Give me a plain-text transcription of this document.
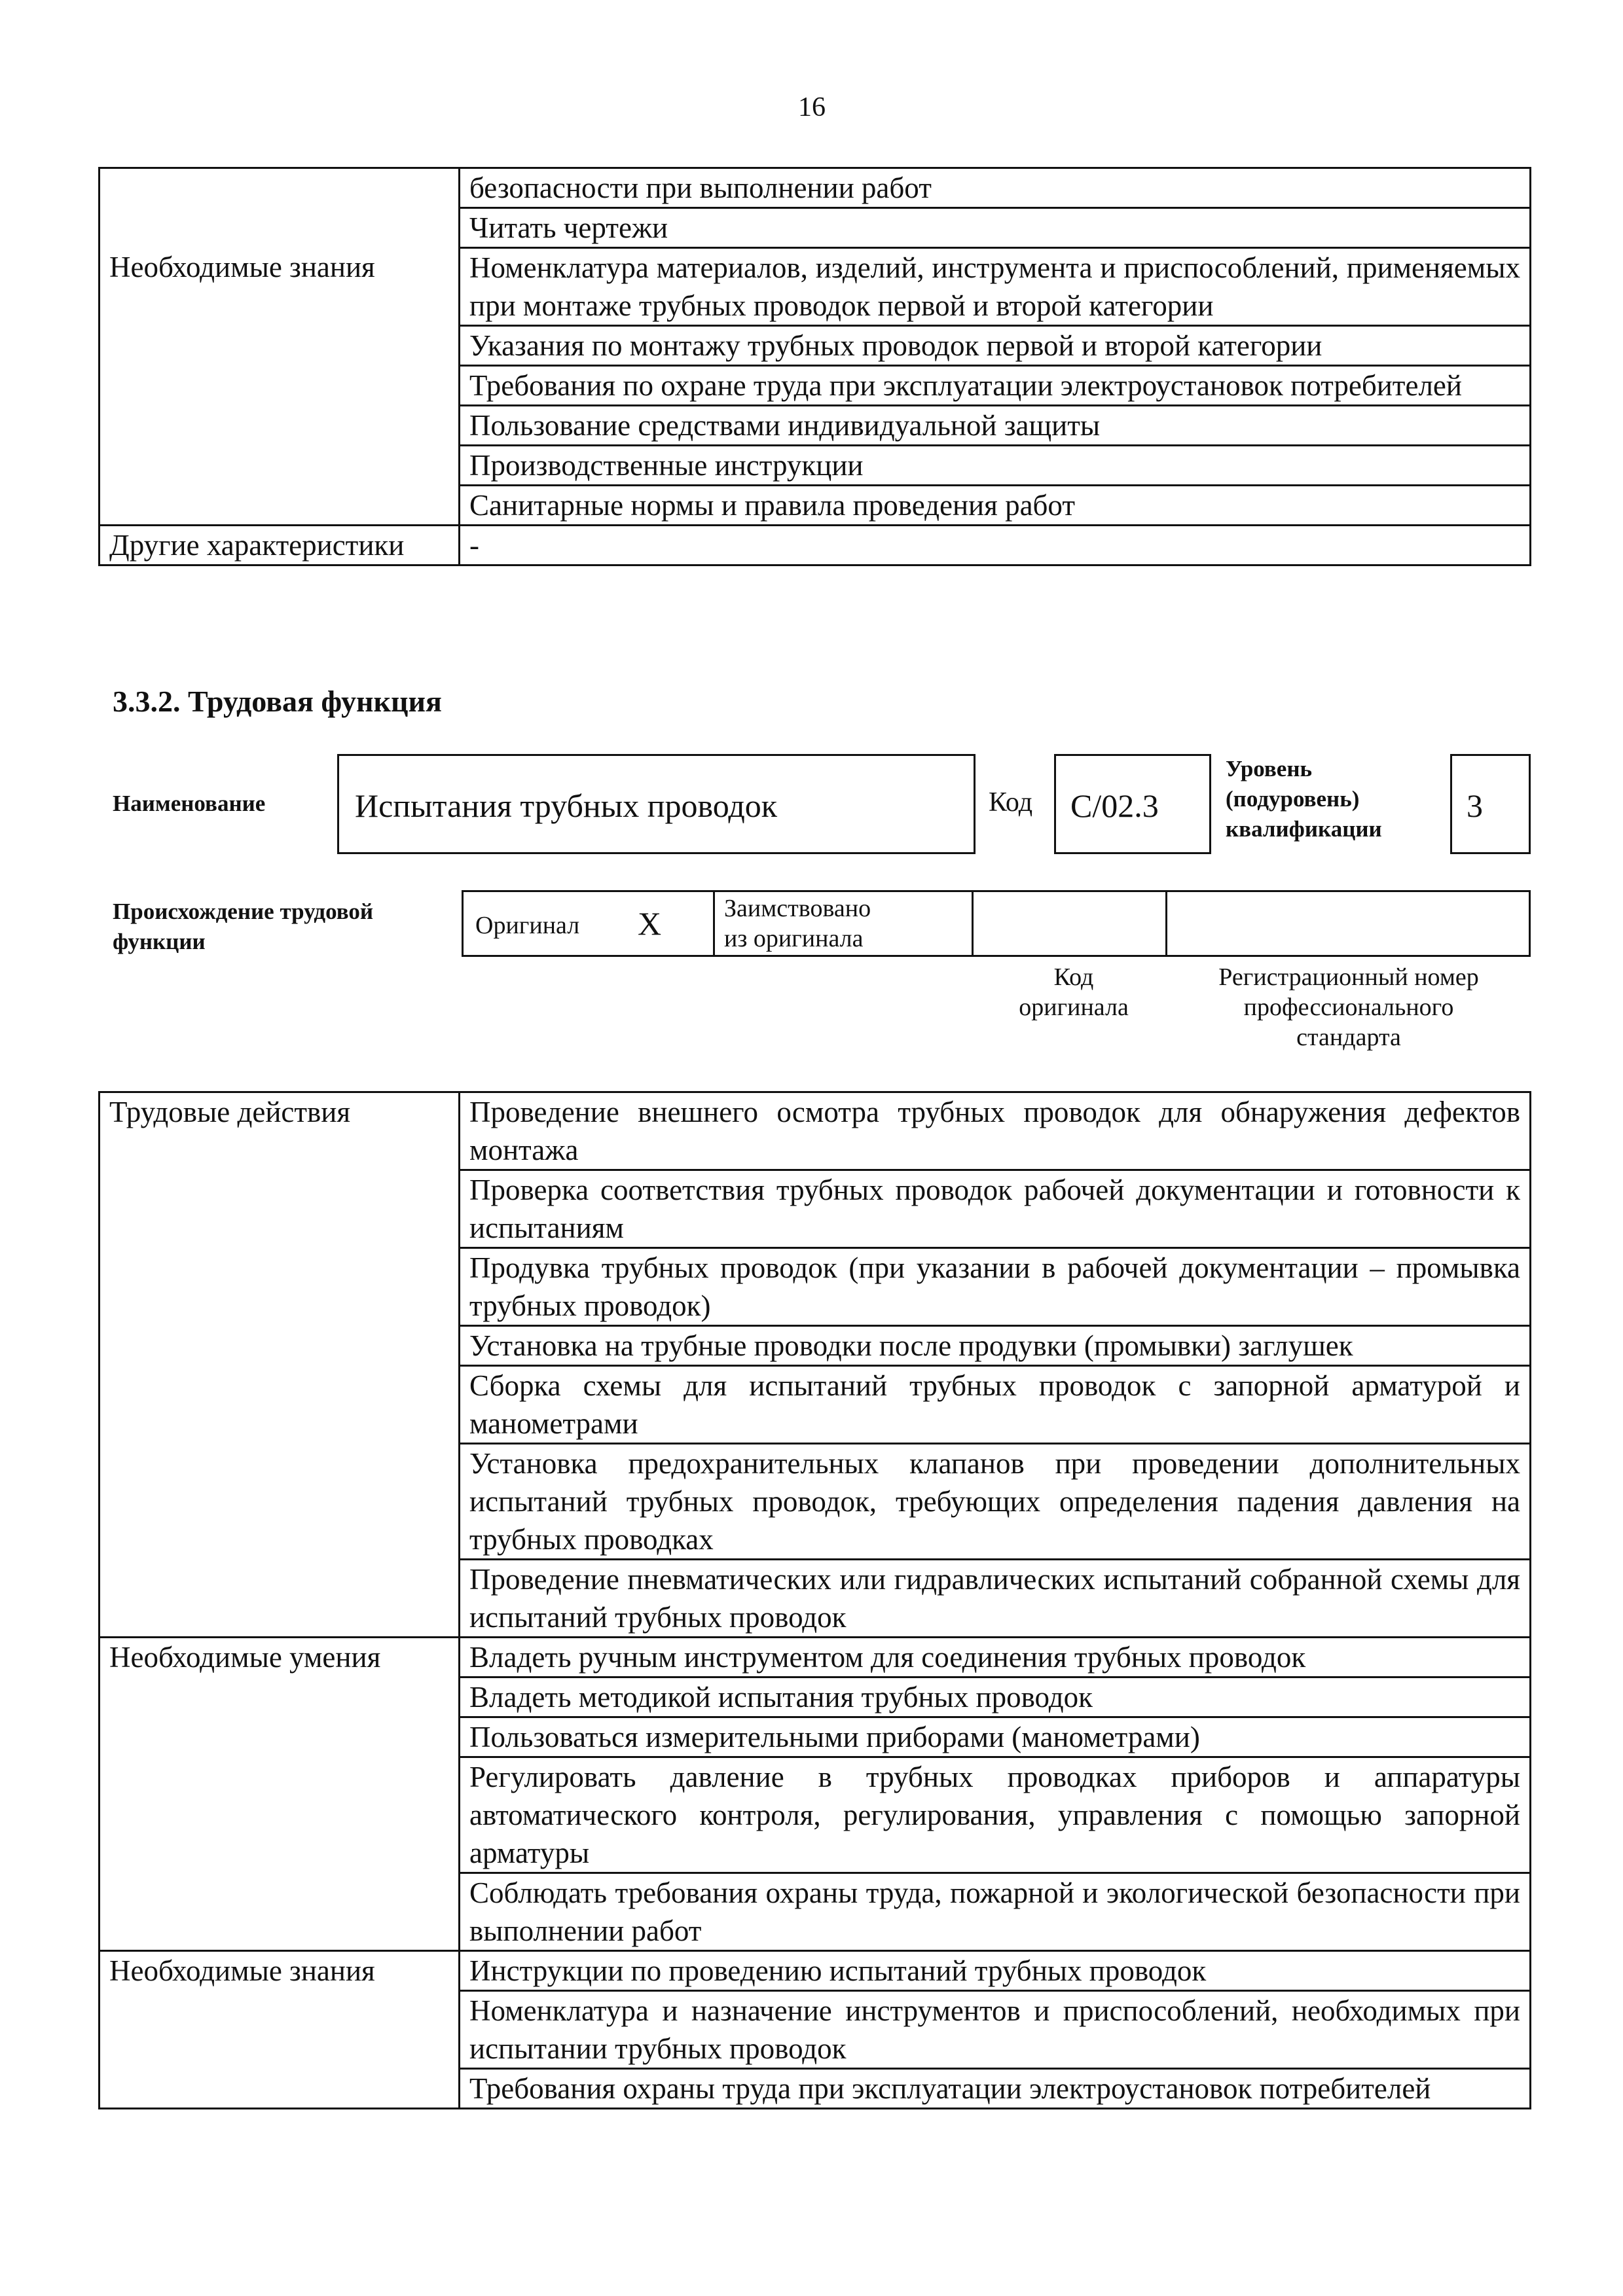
16
	безопасности при выполнении работ
	Читать чертежи
Необходимые знания	Номенклатура материалов, изделий, инструмента и приспособлений, применяемых при монтаже трубных проводок первой и второй категории
	Указания по монтажу трубных проводок первой и второй категории
	Требования по охране труда при эксплуатации электроустановок потребителей
	Пользование средствами индивидуальной защиты
	Производственные инструкции
	Санитарные нормы и правила проведения работ
Другие характеристики	-
3.3.2. Трудовая функция
Наименование	Испытания трубных проводок	Код C/02.3
Уровень
(подуровень)
квалификации
3
Происхождение трудовой
функции
Оригинал X	Заимствовано
из оригинала
Код
оригинала
Регистрационный номер
профессионального
стандарта
Трудовые действия	Проведение внешнего осмотра трубных проводок для обнаружения дефектов монтажа
	Проверка соответствия трубных проводок рабочей документации и готовности к испытаниям
	Продувка трубных проводок (при указании в рабочей документации – промывка трубных проводок)
	Установка на трубные проводки после продувки (промывки) заглушек
	Сборка схемы для испытаний трубных проводок с запорной арматурой и манометрами
	Установка предохранительных клапанов при проведении дополнительных испытаний трубных проводок, требующих определения падения давления на трубных проводках
	Проведение пневматических или гидравлических испытаний собранной схемы для испытаний трубных проводок
Необходимые умения	Владеть ручным инструментом для соединения трубных проводок
	Владеть методикой испытания трубных проводок
	Пользоваться измерительными приборами (манометрами)
	Регулировать давление в трубных проводках приборов и аппаратуры автоматического контроля, регулирования, управления с помощью запорной арматуры
	Соблюдать требования охраны труда, пожарной и экологической безопасности при выполнении работ
Необходимые знания	Инструкции по проведению испытаний трубных проводок
	Номенклатура и назначение инструментов и приспособлений, необходимых при испытании трубных проводок
	Требования охраны труда при эксплуатации электроустановок потребителей
